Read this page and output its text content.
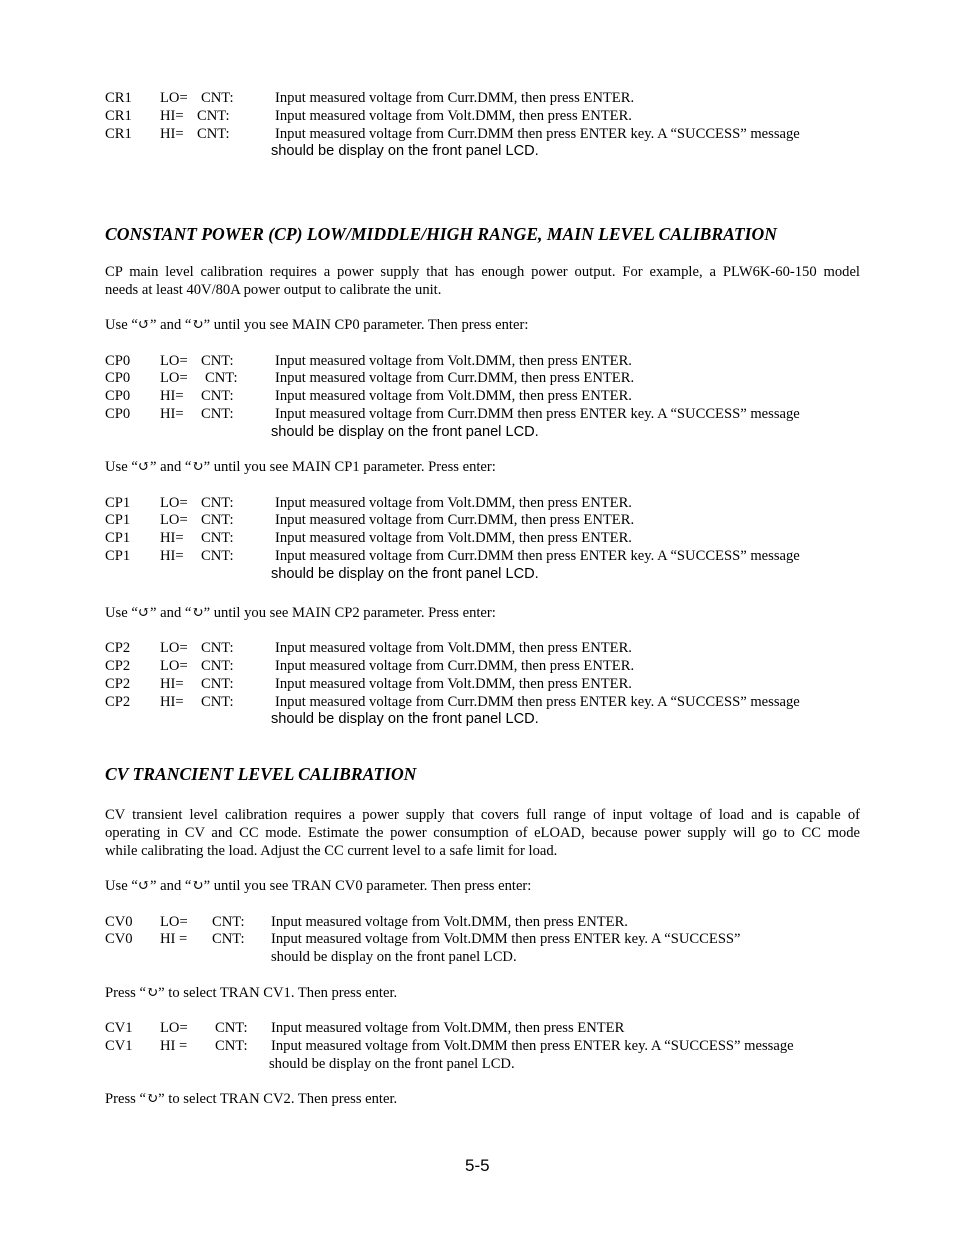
CR1 LO= CNT:	Input measured voltage from Curr.DMM, then press ENTER.
CR1 HI= CNT:	Input measured voltage from Volt.DMM, then press ENTER.
CR1 HI= CNT:	Input measured voltage from Curr.DMM then press ENTER key. A “SUCCESS” message
should be display on the front panel LCD.
CONSTANT POWER (CP) LOW/MIDDLE/HIGH RANGE, MAIN LEVEL CALIBRATION
CP main level calibration requires a power supply that has enough power output. For example, a PLW6K-60-150 model
needs at least 40V/80A power output to calibrate the unit.
Use “↺” and “↻” until you see MAIN CP0 parameter. Then press enter:
CP0 LO= CNT:	Input measured voltage from Volt.DMM, then press ENTER.
CP0 LO= CNT:	Input measured voltage from Curr.DMM, then press ENTER.
CP0 HI= CNT:	Input measured voltage from Volt.DMM, then press ENTER.
CP0 HI= CNT:	Input measured voltage from Curr.DMM then press ENTER key. A “SUCCESS” message
should be display on the front panel LCD.
Use “↺” and “↻” until you see MAIN CP1 parameter. Press enter:
CP1 LO= CNT:	Input measured voltage from Volt.DMM, then press ENTER.
CP1 LO= CNT:	Input measured voltage from Curr.DMM, then press ENTER.
CP1 HI= CNT:	Input measured voltage from Volt.DMM, then press ENTER.
CP1 HI= CNT:	Input measured voltage from Curr.DMM then press ENTER key. A “SUCCESS” message
should be display on the front panel LCD.
Use “↺” and “↻” until you see MAIN CP2 parameter. Press enter:
CP2 LO= CNT:	Input measured voltage from Volt.DMM, then press ENTER.
CP2 LO= CNT:	Input measured voltage from Curr.DMM, then press ENTER.
CP2 HI= CNT:	Input measured voltage from Volt.DMM, then press ENTER.
CP2 HI= CNT:	Input measured voltage from Curr.DMM then press ENTER key. A “SUCCESS” message
should be display on the front panel LCD.
CV TRANCIENT LEVEL CALIBRATION
CV transient level calibration requires a power supply that covers full range of input voltage of load and is capable of
operating in CV and CC mode. Estimate the power consumption of eLOAD, because power supply will go to CC mode
while calibrating the load. Adjust the CC current level to a safe limit for load.
Use “↺” and “↻” until you see TRAN CV0 parameter. Then press enter:
CV0 LO= CNT: Input measured voltage from Volt.DMM, then press ENTER.
CV0 HI = CNT: Input measured voltage from Volt.DMM then press ENTER key. A “SUCCESS”
should be display on the front panel LCD.
Press “↻” to select TRAN CV1. Then press enter.
CV1 LO= CNT: Input measured voltage from Volt.DMM, then press ENTER
CV1 HI = CNT: Input measured voltage from Volt.DMM then press ENTER key. A “SUCCESS” message
should be display on the front panel LCD.
Press “↻” to select TRAN CV2. Then press enter.
5-5
